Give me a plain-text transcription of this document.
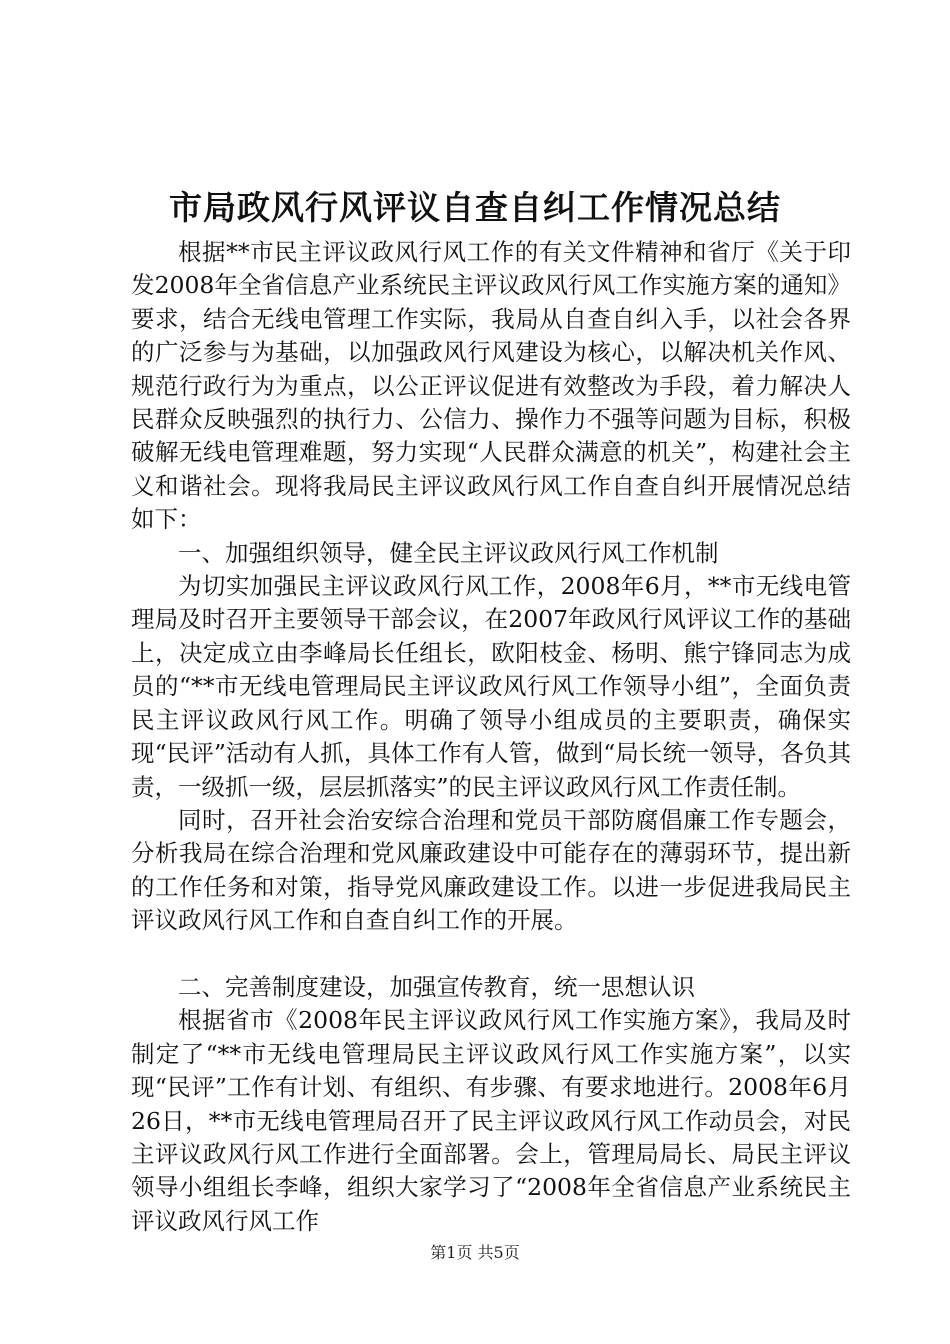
市局政风行风评议自查自纠工作情况总结

根据**市民主评议政风行风工作的有关文件精神和省厅《关于印发2008年全省信息产业系统民主评议政风行风工作实施方案的通知》要求，结合无线电管理工作实际，我局从自查自纠入手，以社会各界的广泛参与为基础，以加强政风行风建设为核心，以解决机关作风、规范行政行为为重点，以公正评议促进有效整改为手段，着力解决人民群众反映强烈的执行力、公信力、操作力不强等问题为目标，积极破解无线电管理难题，努力实现“人民群众满意的机关”，构建社会主义和谐社会。现将我局民主评议政风行风工作自查自纠开展情况总结如下：

一、加强组织领导，健全民主评议政风行风工作机制

为切实加强民主评议政风行风工作，2008年6月，**市无线电管理局及时召开主要领导干部会议，在2007年政风行风评议工作的基础上，决定成立由李峰局长任组长，欧阳枝金、杨明、熊宁锋同志为成员的“**市无线电管理局民主评议政风行风工作领导小组”，全面负责民主评议政风行风工作。明确了领导小组成员的主要职责，确保实现“民评”活动有人抓，具体工作有人管，做到“局长统一领导，各负其责，一级抓一级，层层抓落实”的民主评议政风行风工作责任制。

同时，召开社会治安综合治理和党员干部防腐倡廉工作专题会，分析我局在综合治理和党风廉政建设中可能存在的薄弱环节，提出新的工作任务和对策，指导党风廉政建设工作。以进一步促进我局民主评议政风行风工作和自查自纠工作的开展。

二、完善制度建设，加强宣传教育，统一思想认识

根据省市《2008年民主评议政风行风工作实施方案》，我局及时制定了“**市无线电管理局民主评议政风行风工作实施方案”，以实现“民评”工作有计划、有组织、有步骤、有要求地进行。2008年6月26日，**市无线电管理局召开了民主评议政风行风工作动员会，对民主评议政风行风工作进行全面部署。会上，管理局局长、局民主评议领导小组组长李峰，组织大家学习了“2008年全省信息产业系统民主评议政风行风工作

第1页 共5页
